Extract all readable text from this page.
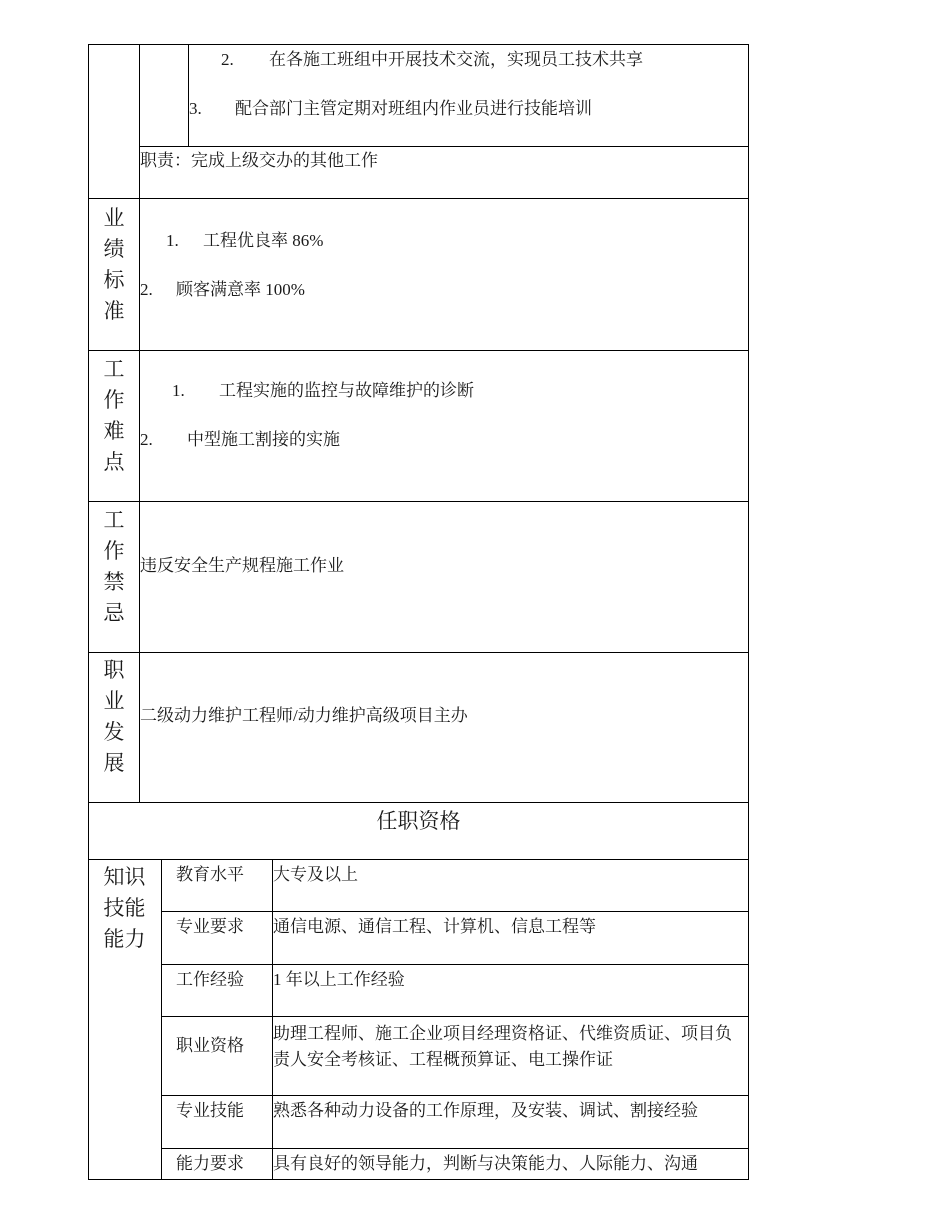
2. 在各施工班组中开展技术交流，实现员工技术共享
3. 配合部门主管定期对班组内作业员进行技能培训
职责：完成上级交办的其他工作
业
绩
标
准
1. 工程优良率 86%
2. 顾客满意率 100%
工
作
难
点
1. 工程实施的监控与故障维护的诊断
2. 中型施工割接的实施
工
作
禁
忌
违反安全生产规程施工作业
职
业
发
展
二级动力维护工程师/动力维护高级项目主办
任职资格
知识
技能
能力
教育水平 大专及以上
专业要求 通信电源、通信工程、计算机、信息工程等
工作经验 1 年以上工作经验
职业资格
助理工程师、施工企业项目经理资格证、代维资质证、项目负责人安全考核证、工程概预算证、电工操作证
专业技能 熟悉各种动力设备的工作原理，及安装、调试、割接经验
能力要求 具有良好的领导能力，判断与决策能力、人际能力、沟通
